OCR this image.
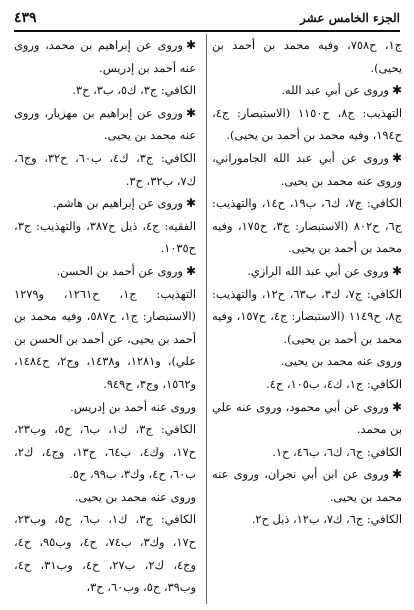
٤٣٩	الجزء الخامس عشر

ج۱، ح٧٥٨، وفيه محمد بن أحمد بن يحيى).

✱وروى عن أبي عبد الله.

التهذيب: ج٨، ح١١٥٠ (الاستبصار: ج٤، ح١٩٤، وفيه محمد بن أحمد بن يحيى).

✱وروى عن أبي عبد الله الجاموراني، وروى عنه محمد بن يحيى.

الكافي: ج٧، ك٦، ب١٩، ح١٤، والتهذيب: ج٦، ح٨٠٢ (الاستبصار: ج٣، ح١٧٥، وفيه محمد بن أحمد بن يحيى.

✱وروى عن أبي عبد الله الرازي.

الكافي: ج٧، ك٣، ب٦٣، ح١٢، والتهذيب: ج٨، ح١١٤٩ (الاستبصار: ج٤، ح١٥٧، وفيه محمد بن أحمد بن يحيى).

وروى عنه محمد بن يحيى.

الكافي: ج١، ك٤، ب١٠٥، ح٤.

✱وروى عن أبي محمود، وروى عنه علي بن محمد.

الكافي: ج٦، ك٦، ب٤٦، ح١.

✱وروى عن ابن أبي نجران، وروى عنه محمد بن يحيى.

الكافي: ج٦، ك٧، ب١٢، ذيل ح٢.

✱وروى عن إبراهيم بن محمد، وروى عنه أحمد بن إدريس.

الكافي: ج٣، ك٥، ب٣، ح٣.

✱وروى عن إبراهيم بن مهزيار، وروى عنه محمد بن يحيى.

الكافي: ج٣، ك٤، ب٦٠، ح٣٢، وج٦، ك٧، ب٣٢، ح٣.

✱وروى عن إبراهيم بن هاشم.

الفقيه: ج٤، ذيل ح٣٨٧، والتهذيب: ج٣، ح١٠٣٥.

✱وروى عن أحمد بن الحسن.

التهذيب: ج١، ح١٢٦١، و١٢٧٩ (الاستبصار: ج١، ح٥٨٧، وفيه محمد بن أحمد بن يحيى، عن أحمد بن الحسن بن علي)، و١٢٨١، و١٤٣٨، وج٢، ح١٤٨٤، و١٥٦٢، وج٣، ح٩٤٩.

وروى عنه أحمد بن إدريس.

الكافي: ج٣، ك١، ب٦، ح٥، وب٢٣، ح١٧، وك٤، ب٦٤، ح١٣، وج٤، ك٢، ب٦٠، ح٤، وك٣، ب٩٩، ح٥.

وروى عنه محمد بن يحيى.

الكافي: ج٣، ك١، ب٦، ح٥، وب٢٣، ح١٧، وك٣، ب٧٤، ح٤، وب٩٥، ح٤، وج٤، ك٢، ب٢٧، ح٤، وب٣١، ح٤، وب٣٩، ح٥، وب٦٠، ح٣،
